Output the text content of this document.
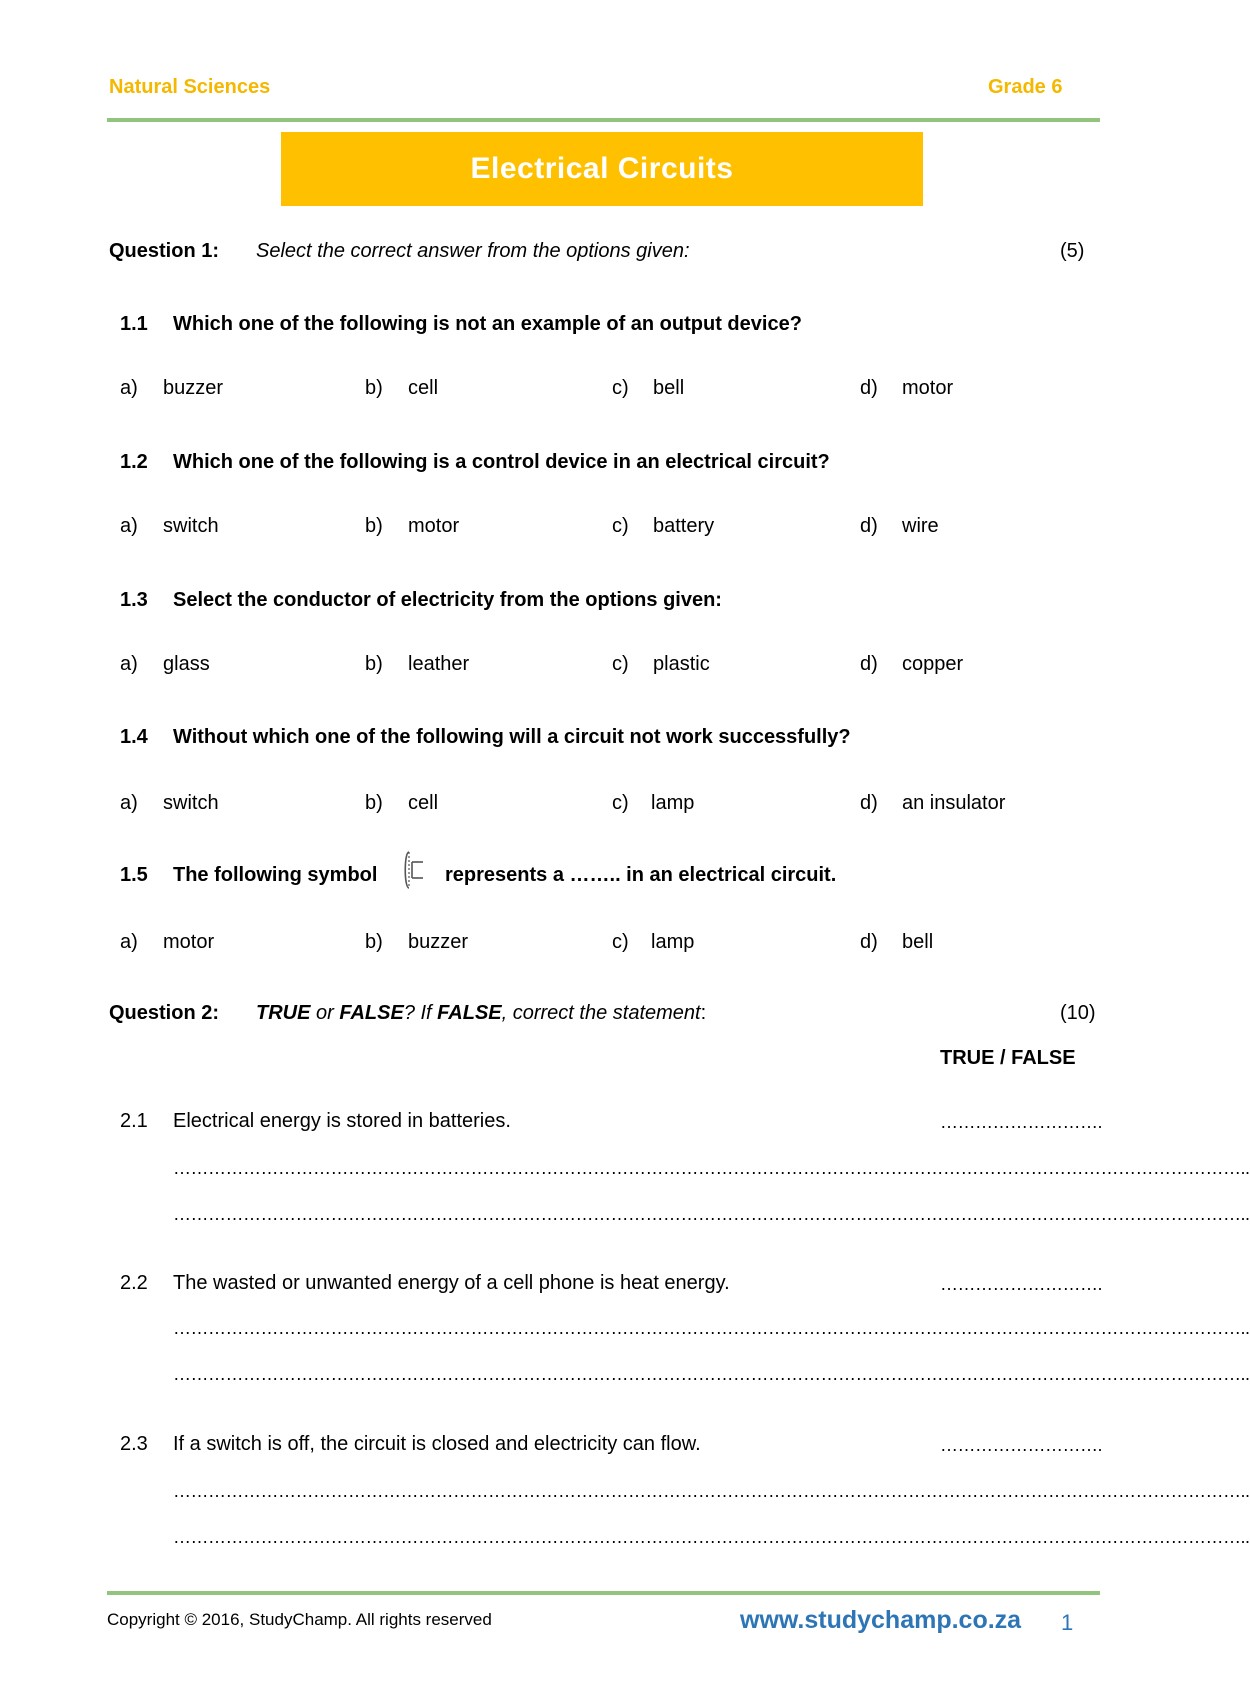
Natural Sciences	Grade 6
Electrical Circuits
Question 1: Select the correct answer from the options given:	(5)
1.1 Which one of the following is not an example of an output device?
a) buzzer	b) cell	c) bell	d) motor
1.2 Which one of the following is a control device in an electrical circuit?
a) switch	b) motor	c) battery	d) wire
1.3 Select the conductor of electricity from the options given:
a) glass	b) leather	c) plastic	d) copper
1.4 Without which one of the following will a circuit not work successfully?
a) switch	b) cell	c) lamp	d) an insulator
1.5 The following symbol	represents a …….. in an electrical circuit.
a) motor	b) buzzer	c) lamp	d) bell
Question 2: TRUE or FALSE? If FALSE, correct the statement:	(10)
TRUE / FALSE
2.1 Electrical energy is stored in batteries.	……………………….
…………………………………………………………………………………………………………………………………………………………………..
…………………………………………………………………………………………………………………………………………………………………..
2.2 The wasted or unwanted energy of a cell phone is heat energy.	……………………….
…………………………………………………………………………………………………………………………………………………………………..
…………………………………………………………………………………………………………………………………………………………………..
2.3 If a switch is off, the circuit is closed and electricity can flow.	……………………….
…………………………………………………………………………………………………………………………………………………………………..
…………………………………………………………………………………………………………………………………………………………………..
Copyright © 2016, StudyChamp. All rights reserved	www.studychamp.co.za 1
